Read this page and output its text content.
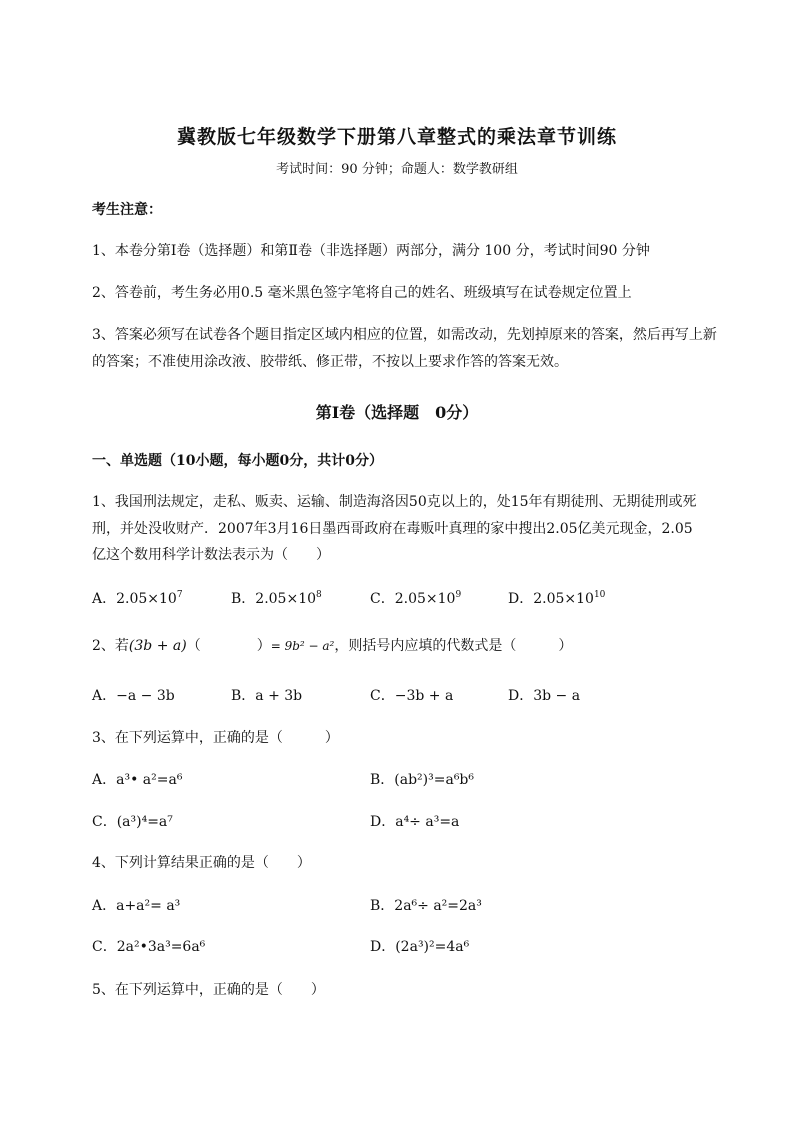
冀教版七年级数学下册第八章整式的乘法章节训练
考试时间：90 分钟；命题人：数学教研组
考生注意：
1、本卷分第Ⅰ卷（选择题）和第Ⅱ卷（非选择题）两部分，满分 100 分，考试时间90 分钟
2、答卷前，考生务必用0.5 毫米黑色签字笔将自己的姓名、班级填写在试卷规定位置上
3、答案必须写在试卷各个题目指定区域内相应的位置，如需改动，先划掉原来的答案，然后再写上新
的答案；不准使用涂改液、胶带纸、修正带，不按以上要求作答的答案无效。
第Ⅰ卷（选择题　0分）
一、单选题（10小题，每小题0分，共计0分）
1、我国刑法规定，走私、贩卖、运输、制造海洛因50克以上的，处15年有期徒刑、无期徒刑或死
刑，并处没收财产．2007年3月16日墨西哥政府在毒贩叶真理的家中搜出2.05亿美元现金，2.05
亿这个数用科学计数法表示为（　　）
A．$2.05\times 10^7$	B．$2.05\times 10^8$	C．$2.05\times 10^9$	D．$2.05\times 10^{10}$
2、若(3b + a)（　　　　）= 9b² − a²，则括号内应填的代数式是（　　　）
A．−a − 3b	B．a + 3b	C．−3b + a	D．3b − a
3、在下列运算中，正确的是（　　　）
A．a³• a²=a⁶	B．(ab²)³=a⁶b⁶
C．(a³)⁴=a⁷	D．a⁴÷ a³=a
4、下列计算结果正确的是（　　）
A．a+a²= a³	B．2a⁶÷ a²=2a³
C．2a²•3a³=6a⁶	D．(2a³)²=4a⁶
5、在下列运算中，正确的是（　　）
